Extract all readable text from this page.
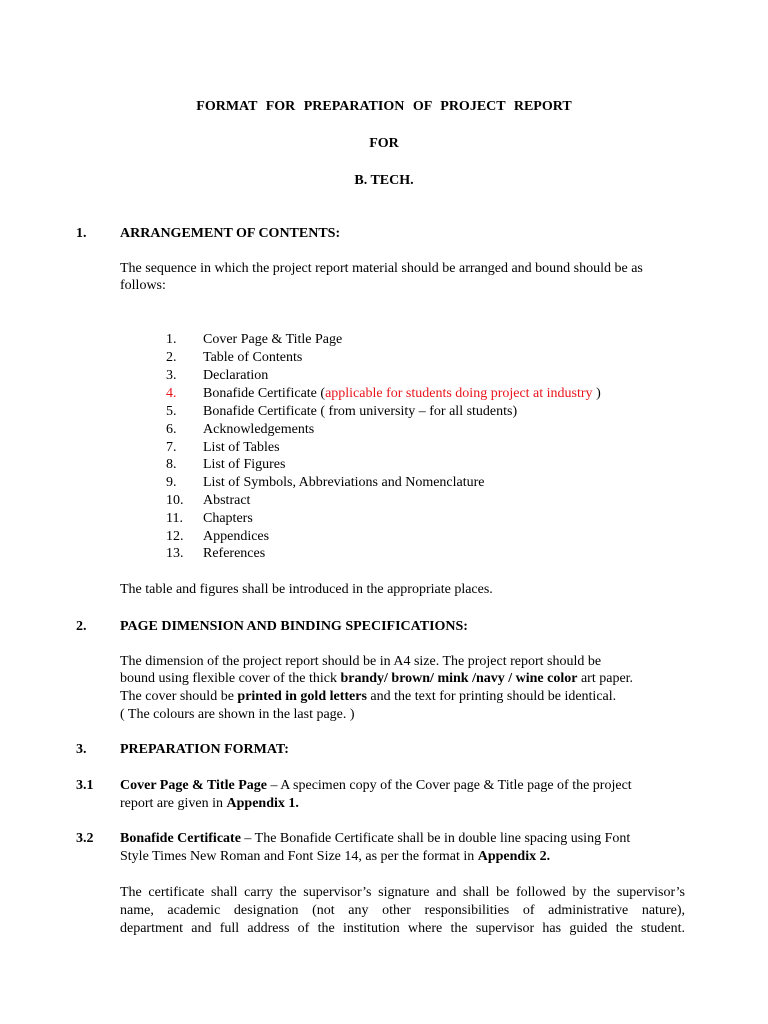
FORMAT FOR PREPARATION OF PROJECT REPORT
FOR
B. TECH.
1. ARRANGEMENT OF CONTENTS:
The sequence in which the project report material should be arranged and bound should be as
follows:
1. Cover Page & Title Page
2. Table of Contents
3. Declaration
4. Bonafide Certificate (applicable for students doing project at industry )
5. Bonafide Certificate ( from university – for all students)
6. Acknowledgements
7. List of Tables
8. List of Figures
9. List of Symbols, Abbreviations and Nomenclature
10. Abstract
11. Chapters
12. Appendices
13. References
The table and figures shall be introduced in the appropriate places.
2. PAGE DIMENSION AND BINDING SPECIFICATIONS:
The dimension of the project report should be in A4 size. The project report should be
bound using flexible cover of the thick brandy/ brown/ mink /navy / wine color art paper.
The cover should be printed in gold letters and the text for printing should be identical.
( The colours are shown in the last page. )
3. PREPARATION FORMAT:
3.1 Cover Page & Title Page – A specimen copy of the Cover page & Title page of the project
report are given in Appendix 1.
3.2 Bonafide Certificate – The Bonafide Certificate shall be in double line spacing using Font
Style Times New Roman and Font Size 14, as per the format in Appendix 2.
The certificate shall carry the supervisor’s signature and shall be followed by the supervisor’s
name, academic designation (not any other responsibilities of administrative nature),
department and full address of the institution where the supervisor has guided the student.
